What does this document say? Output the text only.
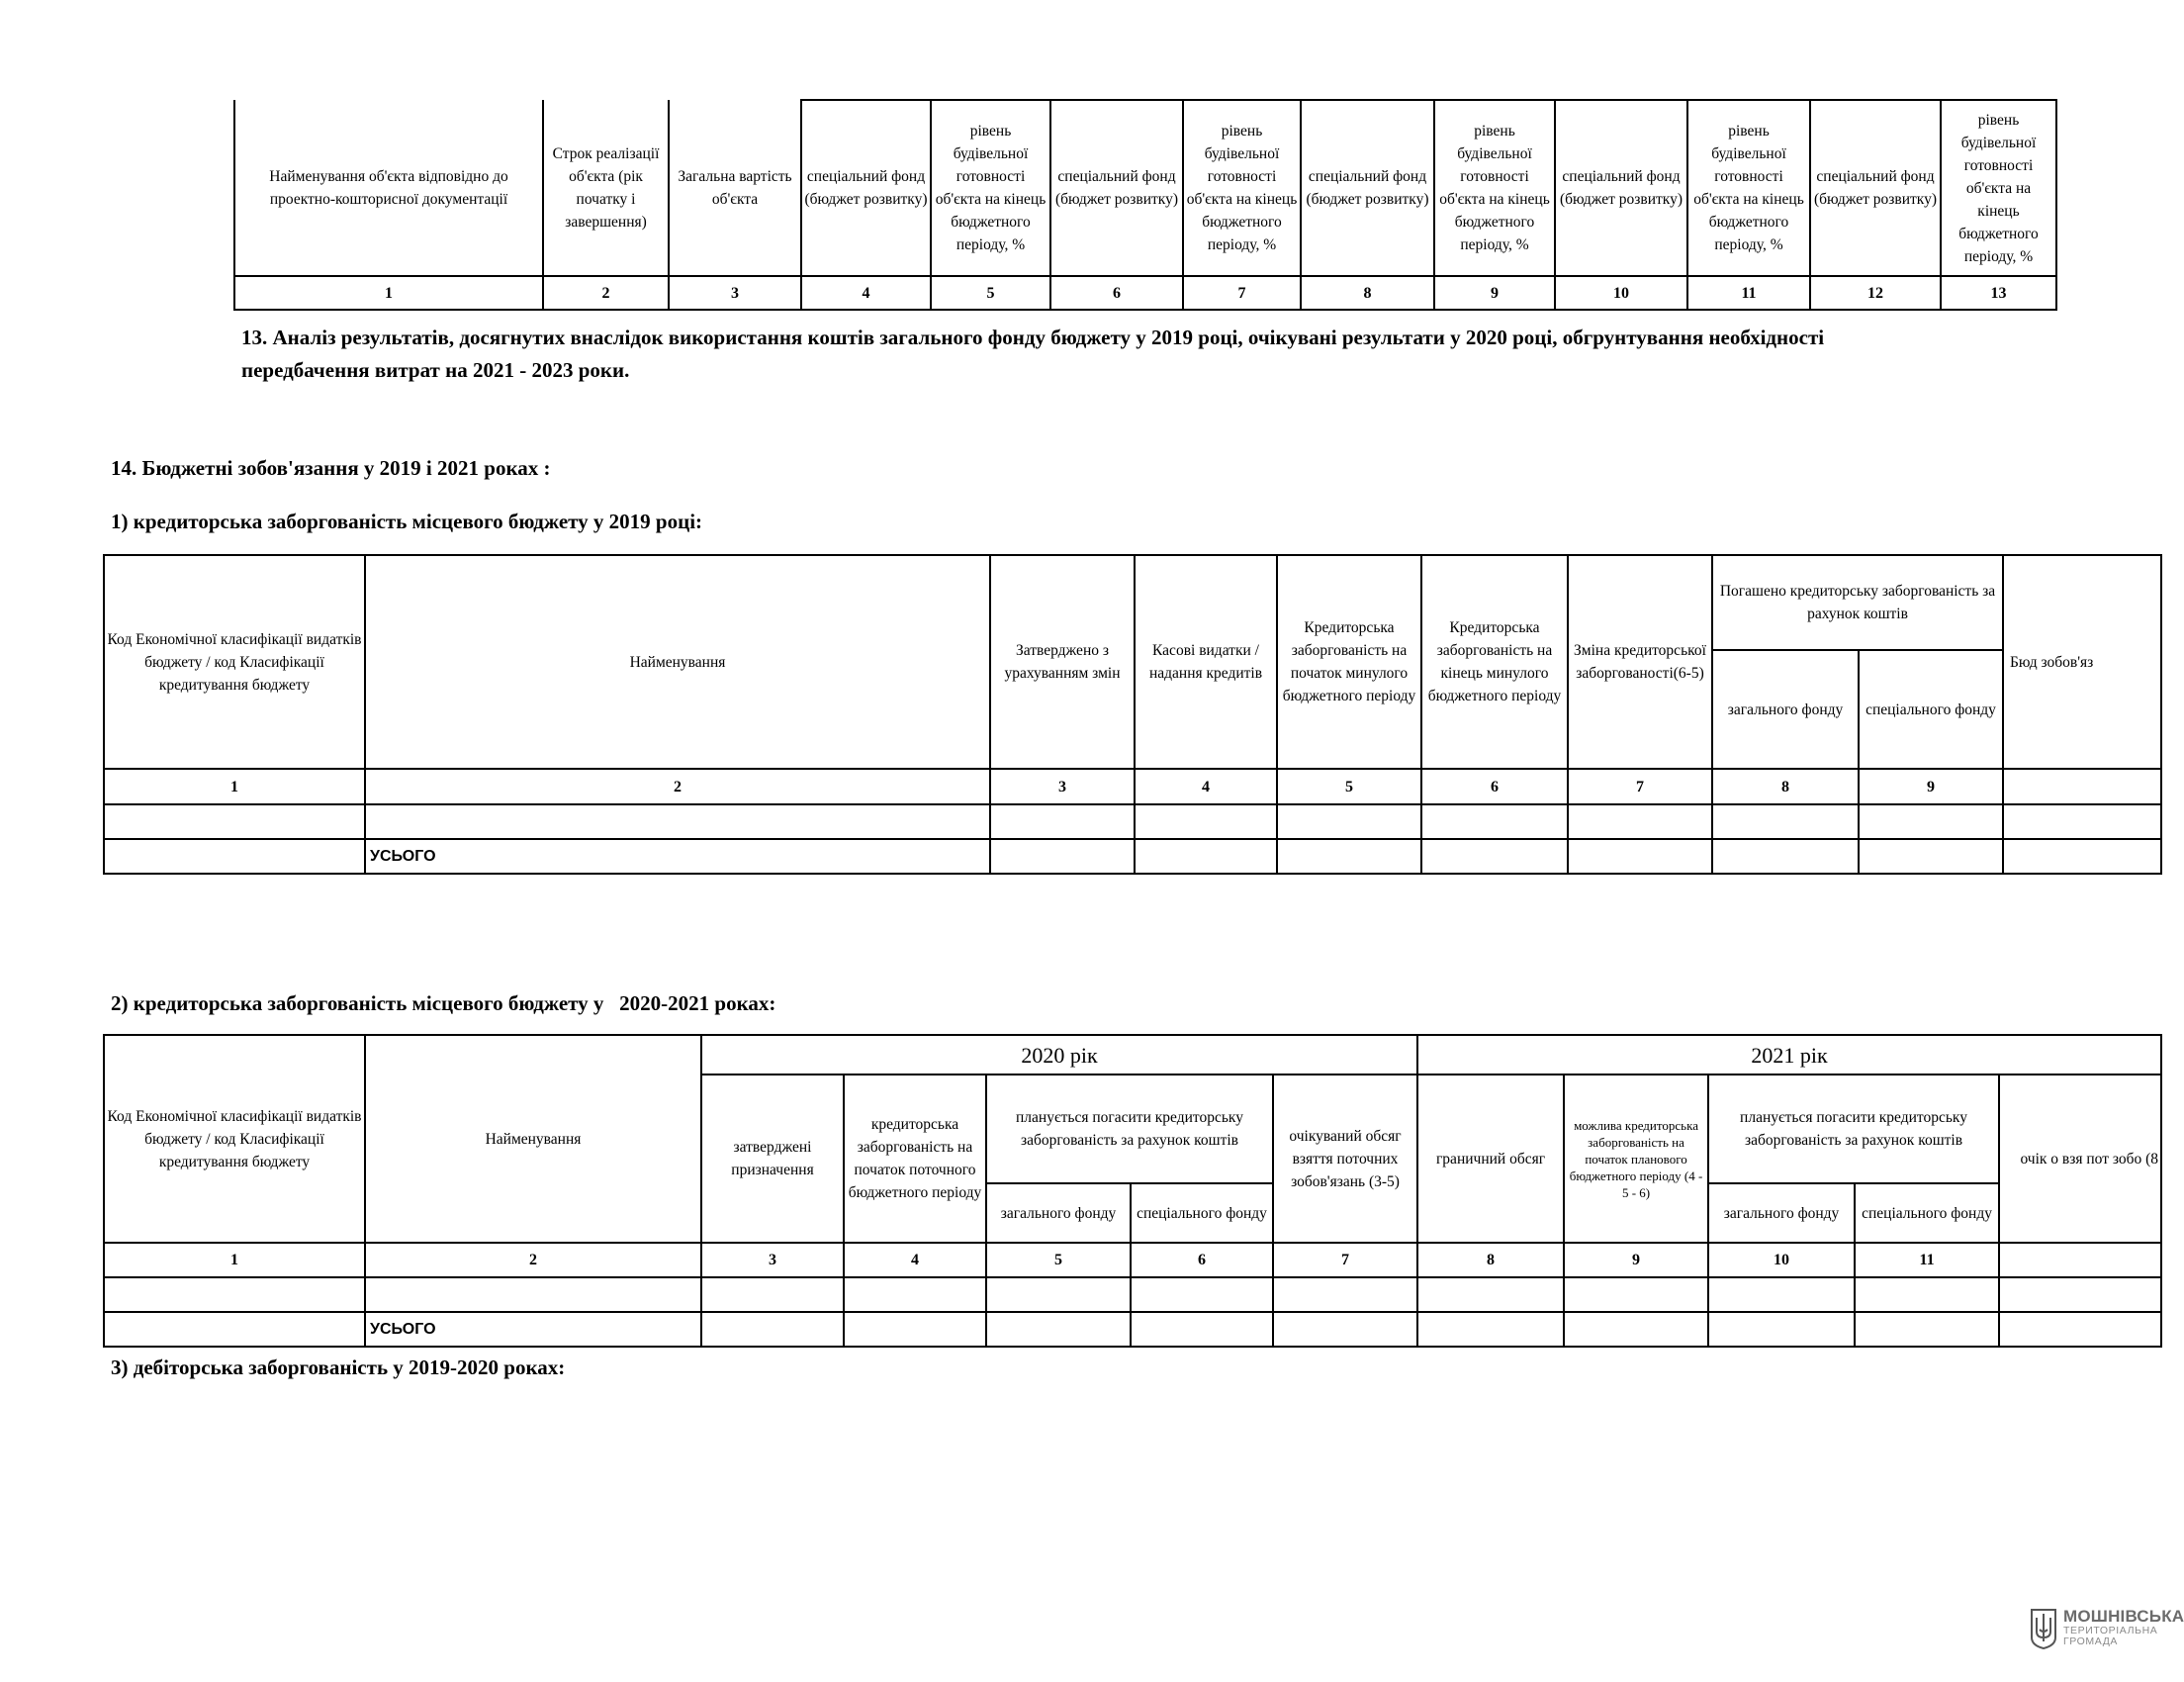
Найменування об'єкта відповідно до проектно-кошторисної документації	Строк реалізації об'єкта (рік початку і завершення)	Загальна вартість об'єкта	спеціальний фонд (бюджет розвитку)	рівень будівельної готовності об'єкта на кінець бюджетного періоду, %	спеціальний фонд (бюджет розвитку)	рівень будівельної готовності об'єкта на кінець бюджетного періоду, %	спеціальний фонд (бюджет розвитку)	рівень будівельної готовності об'єкта на кінець бюджетного періоду, %	спеціальний фонд (бюджет розвитку)	рівень будівельної готовності об'єкта на кінець бюджетного періоду, %	спеціальний фонд (бюджет розвитку)	рівень будівельної готовності об'єкта на кінець бюджетного періоду, %
1	2	3	4	5	6	7	8	9	10	11	12	13
13. Аналіз результатів, досягнутих внаслідок використання коштів загального фонду бюджету у 2019 році, очікувані результати у 2020 році, обгрунтування необхідності
передбачення витрат на 2021 - 2023 роки.
14. Бюджетні зобов'язання у 2019 і 2021 роках :
1) кредиторська заборгованість місцевого бюджету у 2019 році:
Код Економічної класифікації видатків бюджету / код Класифікації кредитування бюджету	Найменування	Затверджено з урахуванням змін	Касові видатки / надання кредитів	Кредиторська заборгованість на початок минулого бюджетного періоду	Кредиторська заборгованість на кінець минулого бюджетного періоду	Зміна кредиторської заборгованості(6-5)	Погашено кредиторську заборгованість за рахунок коштів		Бюд зобов'яз
							загального фонду	спеціального фонду	
1	2	3	4	5	6	7	8	9	

	УСЬОГО								
2) кредиторська заборгованість місцевого бюджету у   2020-2021 роках:
Код Економічної класифікації видатків бюджету / код Класифікації кредитування бюджету	Найменування	2020 рік					2021 рік				
		затверджені призначення	кредиторська заборгованість на початок поточного бюджетного періоду	планується погасити кредиторську заборгованість за рахунок коштів		очікуваний обсяг взяття поточних зобов'язань (3-5)	граничний обсяг	можлива кредиторська заборгованість на початок планового бюджетного періоду (4 - 5 - 6)	планується погасити кредиторську заборгованість за рахунок коштів		очік о взя пот зобо (8
				загального фонду	спеціального фонду				загального фонду	спеціального фонду	
1	2	3	4	5	6	7	8	9	10	11	

	УСЬОГО										
3) дебіторська заборгованість у 2019-2020 роках:
МОШНІВСЬКА
ТЕРИТОРІАЛЬНА
ГРОМАДА
